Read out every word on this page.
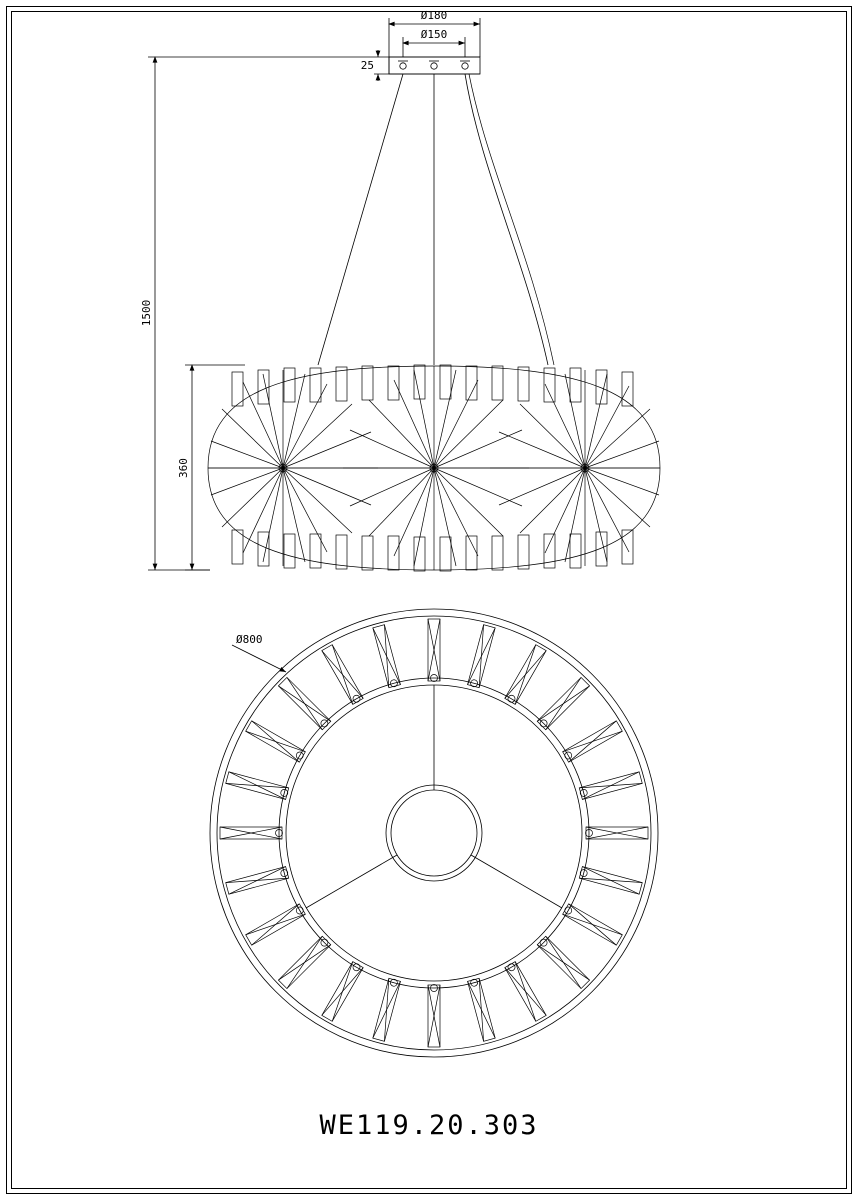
Ø180
Ø150
25
1500
360
Ø800
WE119.20.303
